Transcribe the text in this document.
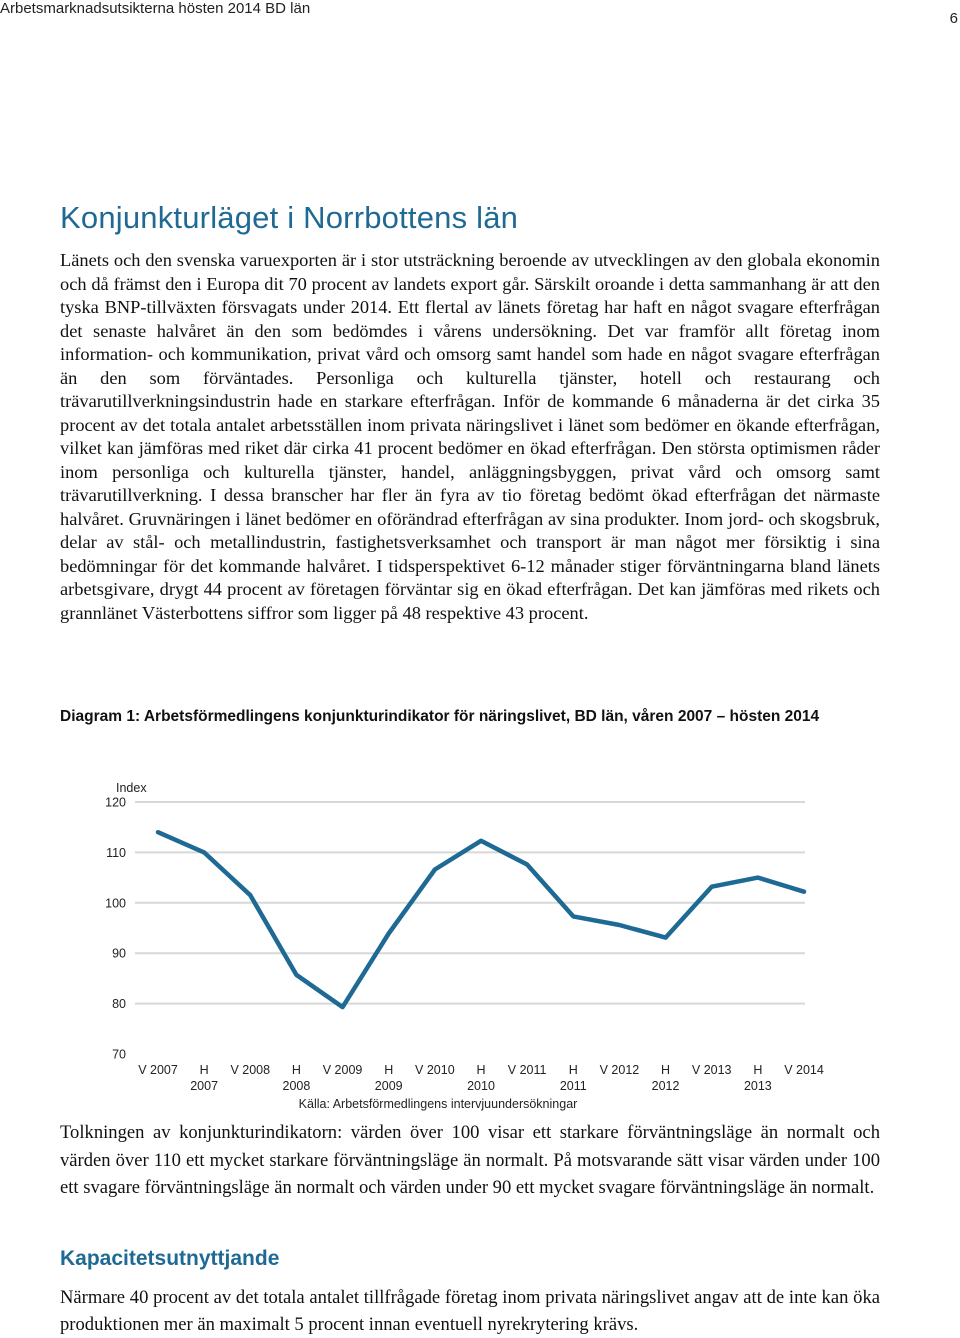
Arbetsmarknadsutsikterna hösten 2014 BD län
6
Konjunkturläget i Norrbottens län

Länets och den svenska varuexporten är i stor utsträckning beroende av utvecklingen av den globala ekonomin och då främst den i Europa dit 70 procent av landets export går. Särskilt oroande i detta sammanhang är att den tyska BNP-tillväxten försvagats under 2014. Ett flertal av länets företag har haft en något svagare efterfrågan det senaste halvåret än den som bedömdes i vårens undersökning. Det var framför allt företag inom information- och kommunikation, privat vård och omsorg samt handel som hade en något svagare efterfrågan än den som förväntades. Personliga och kulturella tjänster, hotell och restaurang och trävarutillverkningsindustrin hade en starkare efterfrågan. Inför de kommande 6 månaderna är det cirka 35 procent av det totala antalet arbetsställen inom privata näringslivet i länet som bedömer en ökande efterfrågan, vilket kan jämföras med riket där cirka 41 procent bedömer en ökad efterfrågan. Den största optimismen råder inom personliga och kulturella tjänster, handel, anläggningsbyggen, privat vård och omsorg samt trävarutillverkning. I dessa branscher har fler än fyra av tio företag bedömt ökad efterfrågan det närmaste halvåret. Gruvnäringen i länet bedömer en oförändrad efterfrågan av sina produkter. Inom jord- och skogsbruk, delar av stål- och metallindustrin, fastighetsverksamhet och transport är man något mer försiktig i sina bedömningar för det kommande halvåret. I tidsperspektivet 6-12 månader stiger förväntningarna bland länets arbetsgivare, drygt 44 procent av företagen förväntar sig en ökad efterfrågan. Det kan jämföras med rikets och grannlänet Västerbottens siffror som ligger på 48 respektive 43 procent.

Diagram 1: Arbetsförmedlingens konjunkturindikator för näringslivet, BD län, våren 2007 – hösten 2014

120
110
100
90
80
70
Index
V 2007 H
2007
V 2008 H
2008
V 2009 H
2009
V 2010 H
2010
V 2011 H
2011
V 2012 H
2012
V 2013 H
2013
V 2014
Källa: Arbetsförmedlingens intervjuundersökningar

Tolkningen av konjunkturindikatorn: värden över 100 visar ett starkare förväntningsläge än normalt och värden över 110 ett mycket starkare förväntningsläge än normalt. På motsvarande sätt visar värden under 100 ett svagare förväntningsläge än normalt och värden under 90 ett mycket svagare förväntningsläge än normalt.

Kapacitetsutnyttjande

Närmare 40 procent av det totala antalet tillfrågade företag inom privata näringslivet angav att de inte kan öka produktionen mer än maximalt 5 procent innan eventuell nyrekrytering krävs.
